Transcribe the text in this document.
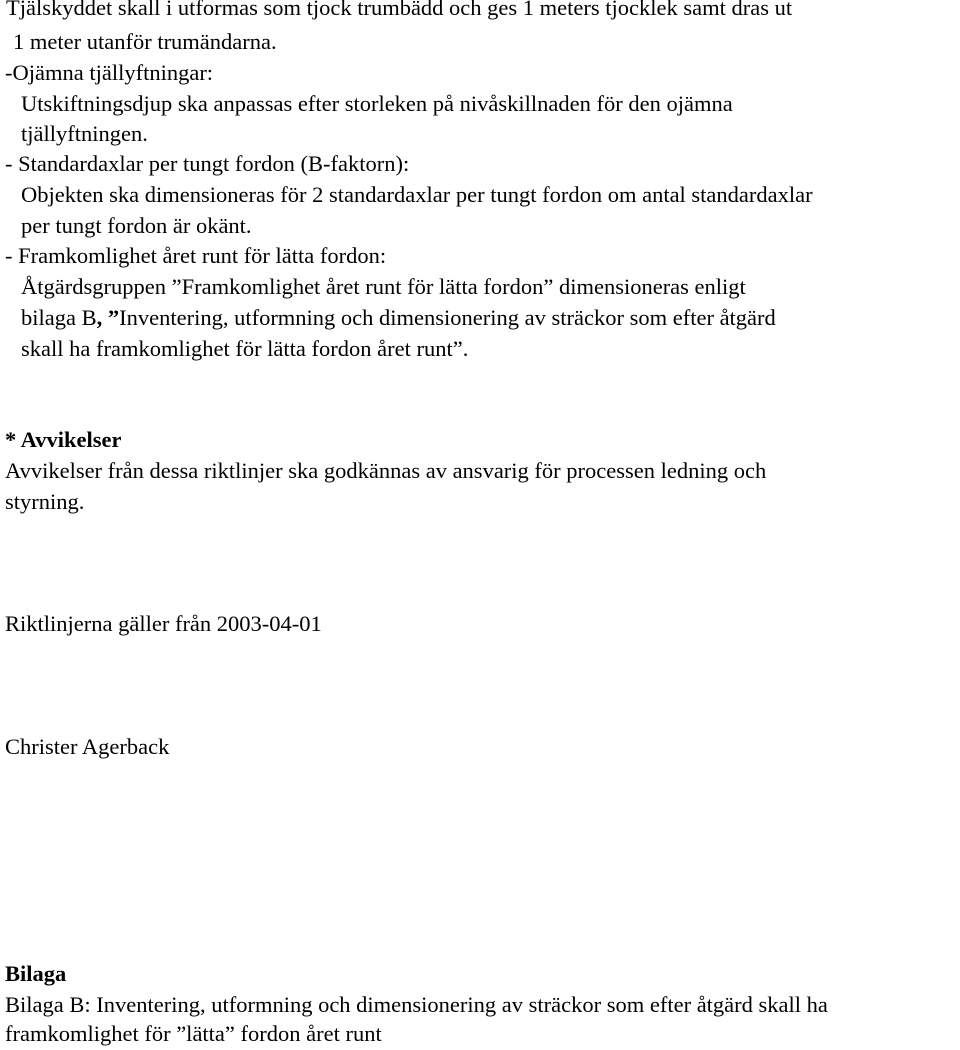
Tjälskyddet skall i utformas som tjock trumbädd och ges 1 meters tjocklek samt dras ut
1 meter utanför trumändarna.
-Ojämna tjällyftningar:
Utskiftningsdjup ska anpassas efter storleken på nivåskillnaden för den ojämna
tjällyftningen.
- Standardaxlar per tungt fordon (B-faktorn):
Objekten ska dimensioneras för 2 standardaxlar per tungt fordon om antal standardaxlar
per tungt fordon är okänt.
- Framkomlighet året runt för lätta fordon:
Åtgärdsgruppen ”Framkomlighet året runt för lätta fordon” dimensioneras enligt
bilaga B, ”Inventering, utformning och dimensionering av sträckor som efter åtgärd
skall ha framkomlighet för lätta fordon året runt”.
* Avvikelser
Avvikelser från dessa riktlinjer ska godkännas av ansvarig för processen ledning och
styrning.
Riktlinjerna gäller från 2003-04-01
Christer Agerback
Bilaga
Bilaga B: Inventering, utformning och dimensionering av sträckor som efter åtgärd skall ha
framkomlighet för ”lätta” fordon året runt
